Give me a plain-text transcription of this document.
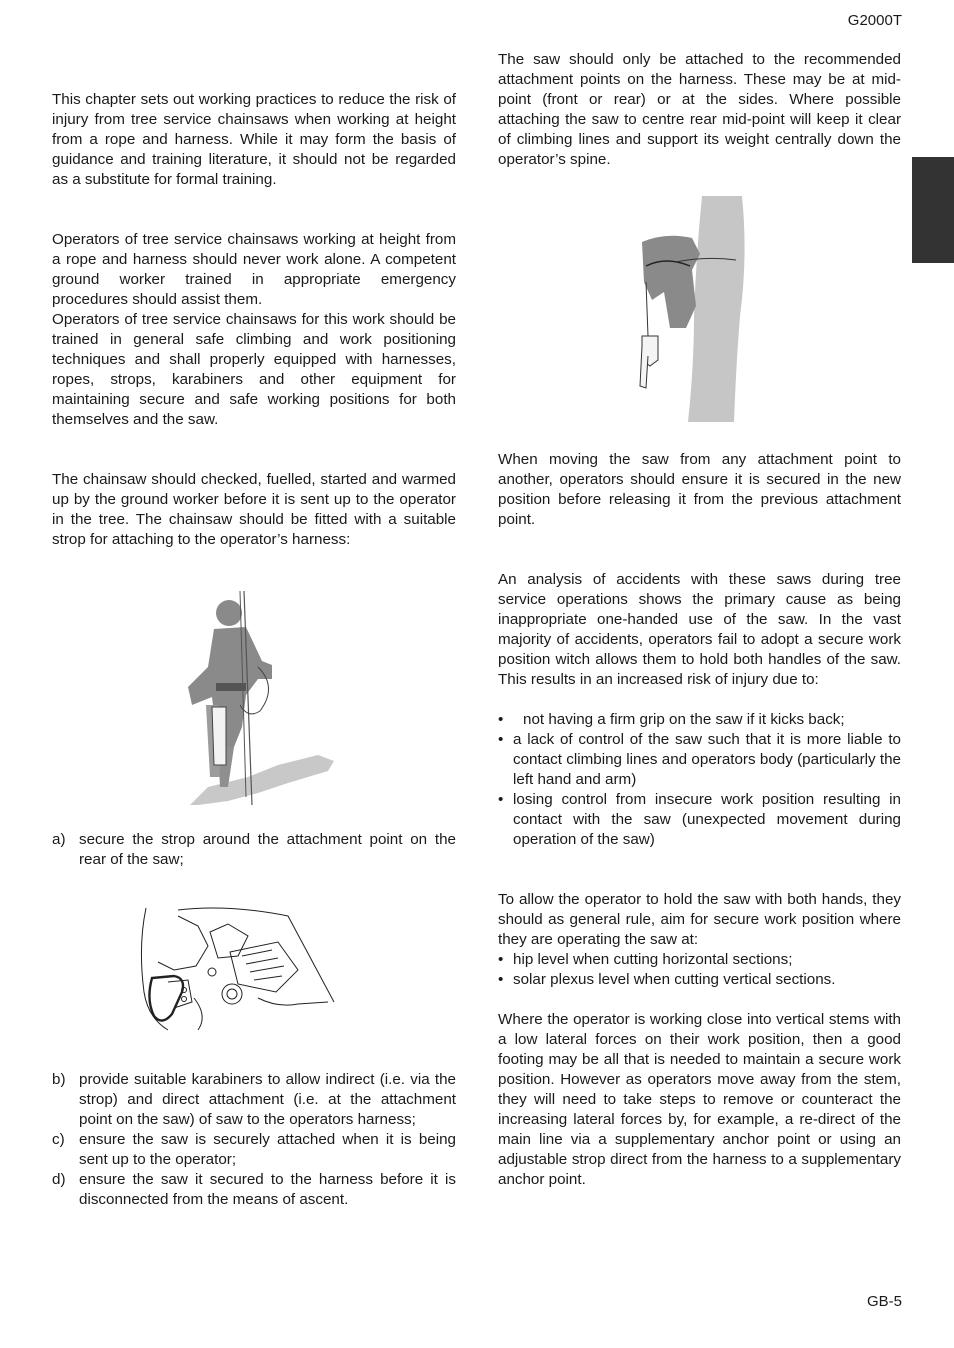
G2000T
GB-5

This chapter sets out working practices to reduce the risk of injury from tree service chainsaws when working at height from a rope and harness. While it may form the basis of guidance and training literature, it should not be regarded as a substitute for formal training.

Operators of tree service chainsaws working at height from a rope and harness should never work alone. A competent ground worker trained in appropriate emergency procedures should assist them.

Operators of tree service chainsaws for this work should be trained in general safe climbing and work positioning techniques and shall properly equipped with harnesses, ropes, strops, karabiners and other equipment for maintaining secure and safe working positions for both themselves and the saw.

The chainsaw should checked, fuelled, started and warmed up by the ground worker before it is sent up to the operator in the tree. The chainsaw should be fitted with a suitable strop for attaching to the operator’s harness:

a) secure the strop around the attachment point on the rear of the saw;
b) provide suitable karabiners to allow indirect (i.e. via the strop) and direct attachment (i.e. at the attachment point on the saw) of saw to the operators harness;
c) ensure the saw is securely attached when it is being sent up to the operator;
d) ensure the saw it secured to the harness before it is disconnected from the means of ascent.

The saw should only be attached to the recommended attachment points on the harness. These may be at mid-point (front or rear) or at the sides. Where possible attaching the saw to centre rear mid-point will keep it clear of climbing lines and support its weight centrally down the operator’s spine.

When moving the saw from any attachment point to another, operators should ensure it is secured in the new position before releasing it from the previous attachment point.

An analysis of accidents with these saws during tree service operations shows the primary cause as being inappropriate one-handed use of the saw. In the vast majority of accidents, operators fail to adopt a secure work position witch allows them to hold both handles of the saw. This results in an increased risk of injury due to:

• not having a firm grip on the saw if it kicks back;
• a lack of control of the saw such that it is more liable to contact climbing lines and operators body (particularly the left hand and arm)
• losing control from insecure work position resulting in contact with the saw (unexpected movement during operation of the saw)

To allow the operator to hold the saw with both hands, they should as general rule, aim for secure work position where they are operating the saw at:

• hip level when cutting horizontal sections;
• solar plexus level when cutting vertical sections.

Where the operator is working close into vertical stems with a low lateral forces on their work position, then a good footing may be all that is needed to maintain a secure work position. However as operators move away from the stem, they will need to take steps to remove or counteract the increasing lateral forces by, for example, a re-direct of the main line via a supplementary anchor point or using an adjustable strop direct from the harness to a supplementary anchor point.
